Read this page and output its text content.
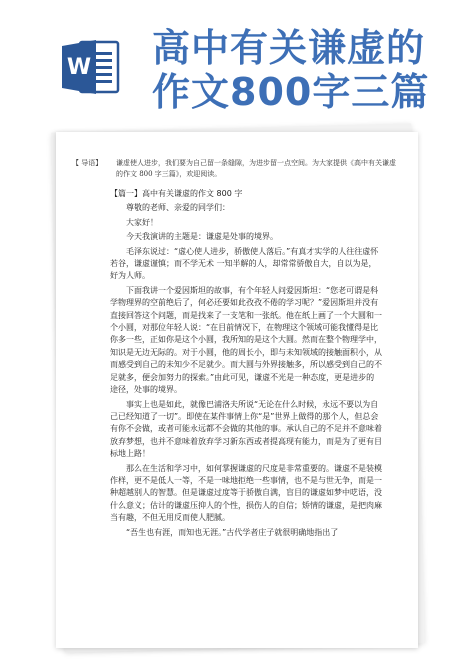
W 高中有关谦虚的作文800字三篇
【 导语】 谦虚使人进步，我们要为自己留一条缝隙，为进步留一点空间。为大家提供《高中有关谦虚的作文 800 字三篇》，欢迎阅读。

【篇一】高中有关谦虚的作文 800 字

尊敬的老师、亲爱的同学们：

大家好！

今天我演讲的主题是：谦虚是处事的境界。

毛泽东说过：“虚心使人进步，骄傲使人落后。”有真才实学的人往往虚怀若谷，谦虚谨慎；而不学无术 一知半解的人，却常常骄傲自大，自以为是，好为人师。

下面我讲一个爱因斯坦的故事，有个年轻人问爱因斯坦：“您老可谓是科学物理界的空前绝后了，何必还要如此孜孜不倦的学习呢？”爱因斯坦并没有直接回答这个问题，而是找来了一支笔和一张纸。他在纸上画了一个大圆和一个小圆，对那位年轻人说：“在目前情况下，在物理这个领域可能我懂得是比你多一些，正如你是这个小圆，我所知的是这个大圆。然而在整个物理学中，知识是无边无际的。对于小圆，他的周长小，即与未知领域的接触面积小，从而感受到自己的未知少不足就少。而大圆与外界接触多，所以感受到自己的不足就多，便会加努力的探索。”由此可见，谦虚不光是一种态度，更是进步的途径，处事的境界。

事实上也是如此，就像巴浦洛夫所说“无论在什么时候，永远不要以为自己已经知道了一切”。即使在某件事情上你“是”世界上做得的那个人，但总会有你不会做，或者可能永远都不会做的其他的事。承认自己的不足并不意味着放弃梦想，也并不意味着放弃学习新东西或者提高现有能力，而是为了更有目标地上路！

那么在生活和学习中，如何掌握谦虚的尺度是非常重要的。谦虚不是装模作样，更不是低人一等，不是一味地拒绝一些事情，也不是与世无争，而是一种超越别人的智慧。但是谦虚过度等于骄傲自满，盲目的谦虚如梦中呓语，没什么意义；估计的谦虚压抑人的个性，损伤人的自信；矫情的谦虚，是把肉麻当有趣，不但无用反而使人肥腻。

“吾生也有涯，而知也无涯。”古代学者庄子就很明确地指出了
